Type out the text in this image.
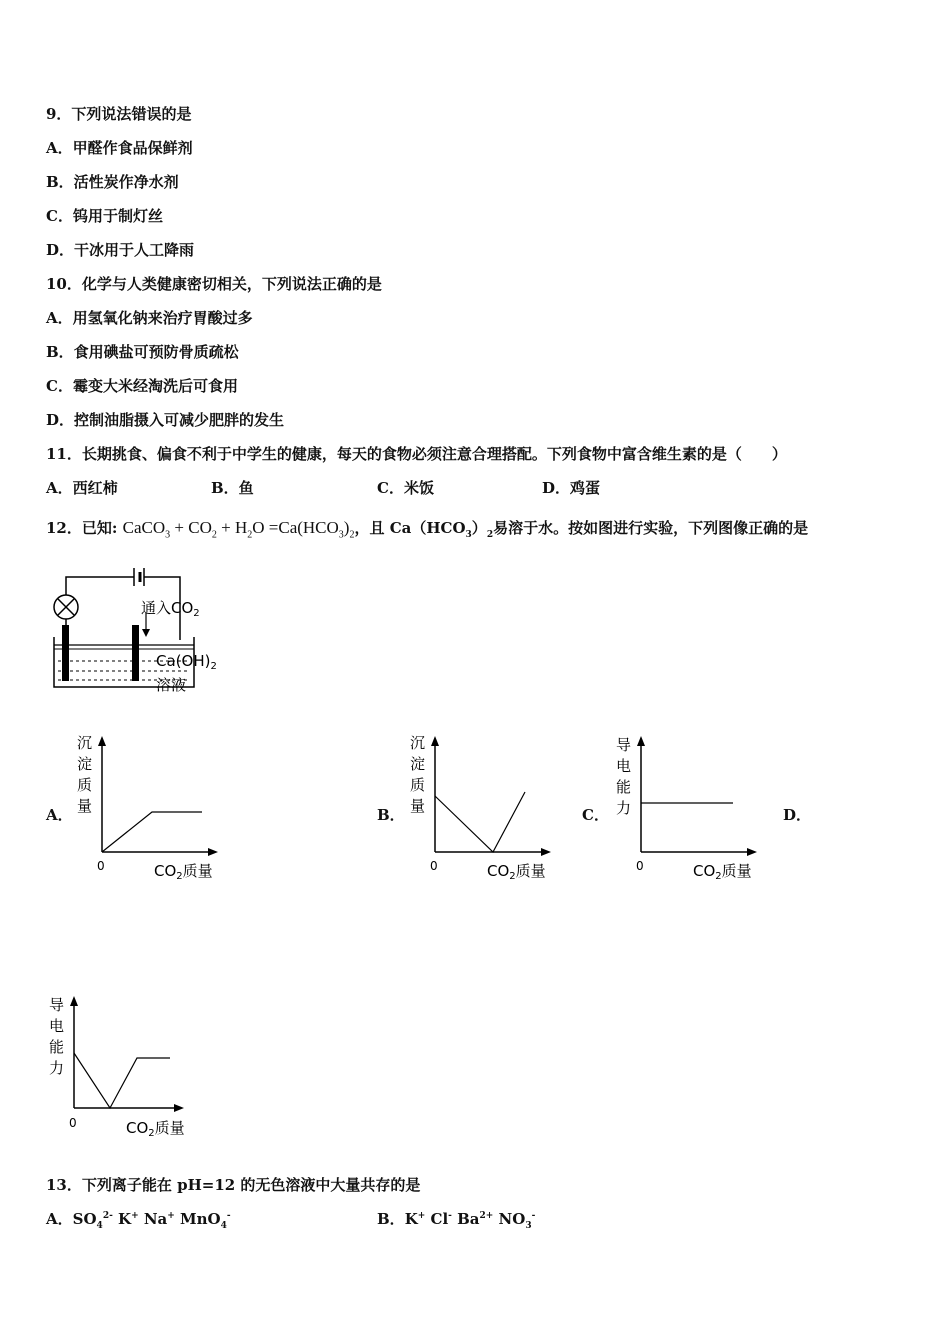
9．下列说法错误的是
A．甲醛作食品保鲜剂
B．活性炭作净水剂
C．钨用于制灯丝
D．干冰用于人工降雨
10．化学与人类健康密切相关，下列说法正确的是
A．用氢氧化钠来治疗胃酸过多
B．食用碘盐可预防骨质疏松
C．霉变大米经淘洗后可食用
D．控制油脂摄入可减少肥胖的发生
11．长期挑食、偏食不利于中学生的健康，每天的食物必须注意合理搭配。下列食物中富含维生素的是（　　）
A．西红柿	B．鱼	C．米饭	D．鸡蛋
12．已知: CaCO$_3$ + $CO_2 + H_2O =Ca(HCO_3)_2$，且 $Ca(HCO_3)_2$易溶于水。按如图进行实验，下列图像正确的是
通入$CO_2$
$Ca(OH)_2$
溶液
A．	B．	C．	D．
沉
淀
质
量
0	$CO_2$质量
沉
淀
质
量
0	$CO_2$质量
导
电
能
力
0	$CO_2$质量
导
电
能
力
0	$CO_2$质量
13．下列离子能在 pH=12 的无色溶液中大量共存的是
A．$SO_4^{2-}$ K+ Na+ MnO$_4$-	B．K+ Cl- $Ba^{2+}$ $NO_3^-$
